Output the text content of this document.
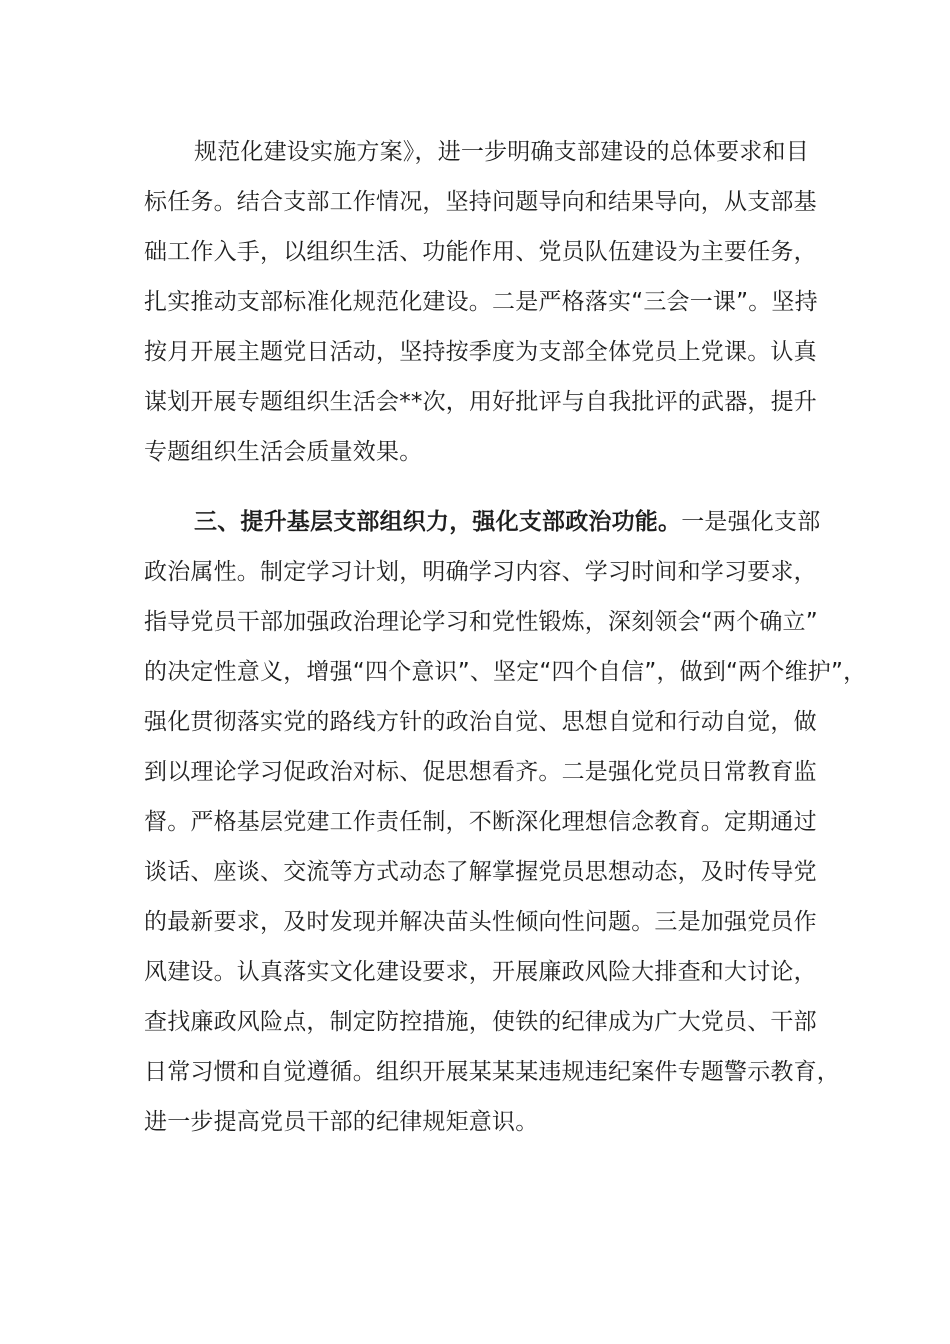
规范化建设实施方案》，进一步明确支部建设的总体要求和目
标任务。结合支部工作情况，坚持问题导向和结果导向，从支部基
础工作入手，以组织生活、功能作用、党员队伍建设为主要任务，
扎实推动支部标准化规范化建设。二是严格落实“三会一课”。坚持
按月开展主题党日活动，坚持按季度为支部全体党员上党课。认真
谋划开展专题组织生活会**次，用好批评与自我批评的武器，提升
专题组织生活会质量效果。
三、提升基层支部组织力，强化支部政治功能。一是强化支部
政治属性。制定学习计划，明确学习内容、学习时间和学习要求，
指导党员干部加强政治理论学习和党性锻炼，深刻领会“两个确立”
的决定性意义，增强“四个意识”、坚定“四个自信”，做到“两个维护”，
强化贯彻落实党的路线方针的政治自觉、思想自觉和行动自觉，做
到以理论学习促政治对标、促思想看齐。二是强化党员日常教育监
督。严格基层党建工作责任制，不断深化理想信念教育。定期通过
谈话、座谈、交流等方式动态了解掌握党员思想动态，及时传导党
的最新要求，及时发现并解决苗头性倾向性问题。三是加强党员作
风建设。认真落实文化建设要求，开展廉政风险大排查和大讨论，
查找廉政风险点，制定防控措施，使铁的纪律成为广大党员、干部
日常习惯和自觉遵循。组织开展某某某违规违纪案件专题警示教育，
进一步提高党员干部的纪律规矩意识。
